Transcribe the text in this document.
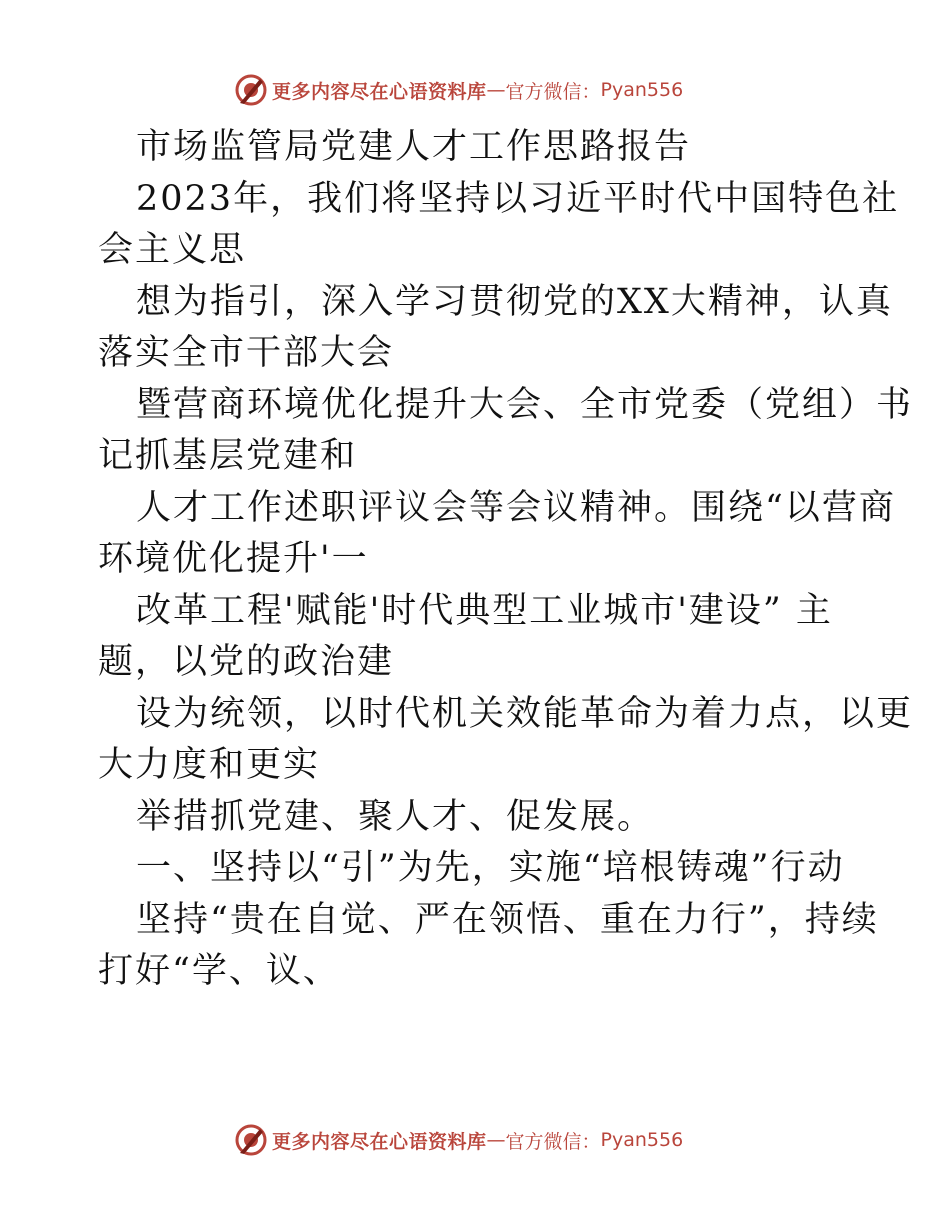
更多内容尽在心语资料库 — 官方微信： Pyan556
市场监管局党建人才工作思路报告
2023年，我们将坚持以习近平时代中国特色社
会主义思
想为指引，深入学习贯彻党的XX大精神，认真
落实全市干部大会
暨营商环境优化提升大会、全市党委（党组）书
记抓基层党建和
人才工作述职评议会等会议精神。围绕“以营商
环境优化提升'一
改革工程'赋能'时代典型工业城市'建设” 主
题，以党的政治建
设为统领，以时代机关效能革命为着力点，以更
大力度和更实
举措抓党建、聚人才、促发展。
一、坚持以“引”为先，实施“培根铸魂”行动
坚持“贵在自觉、严在领悟、重在力行”，持续
打好“学、议、
更多内容尽在心语资料库 — 官方微信： Pyan556
